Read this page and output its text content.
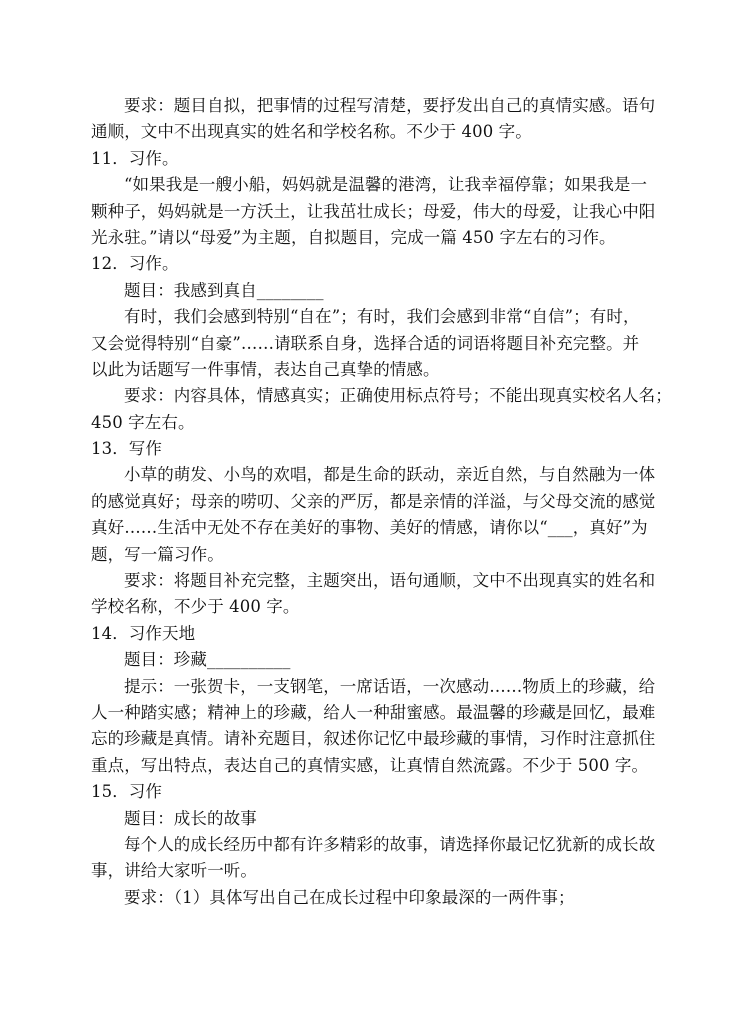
要求：题目自拟，把事情的过程写清楚，要抒发出自己的真情实感。语句
通顺，文中不出现真实的姓名和学校名称。不少于 400 字。
11．习作。
“如果我是一艘小船，妈妈就是温馨的港湾，让我幸福停靠；如果我是一
颗种子，妈妈就是一方沃土，让我茁壮成长；母爱，伟大的母爱，让我心中阳
光永驻。”请以“母爱”为主题，自拟题目，完成一篇 450 字左右的习作。
12．习作。
题目：我感到真自________
有时，我们会感到特别“自在”；有时，我们会感到非常“自信”；有时，
又会觉得特别“自豪”……请联系自身，选择合适的词语将题目补充完整。并
以此为话题写一件事情，表达自己真挚的情感。
要求：内容具体，情感真实；正确使用标点符号；不能出现真实校名人名；
450 字左右。
13．写作
小草的萌发、小鸟的欢唱，都是生命的跃动，亲近自然，与自然融为一体
的感觉真好；母亲的唠叨、父亲的严厉，都是亲情的洋溢，与父母交流的感觉
真好……生活中无处不存在美好的事物、美好的情感，请你以“___，真好”为
题，写一篇习作。
要求：将题目补充完整，主题突出，语句通顺，文中不出现真实的姓名和
学校名称，不少于 400 字。
14．习作天地
题目：珍藏__________
提示：一张贺卡，一支钢笔，一席话语，一次感动……物质上的珍藏，给
人一种踏实感；精神上的珍藏，给人一种甜蜜感。最温馨的珍藏是回忆，最难
忘的珍藏是真情。请补充题目，叙述你记忆中最珍藏的事情，习作时注意抓住
重点，写出特点，表达自己的真情实感，让真情自然流露。不少于 500 字。
15．习作
题目：成长的故事
每个人的成长经历中都有许多精彩的故事，请选择你最记忆犹新的成长故
事，讲给大家听一听。
要求：（1）具体写出自己在成长过程中印象最深的一两件事；
